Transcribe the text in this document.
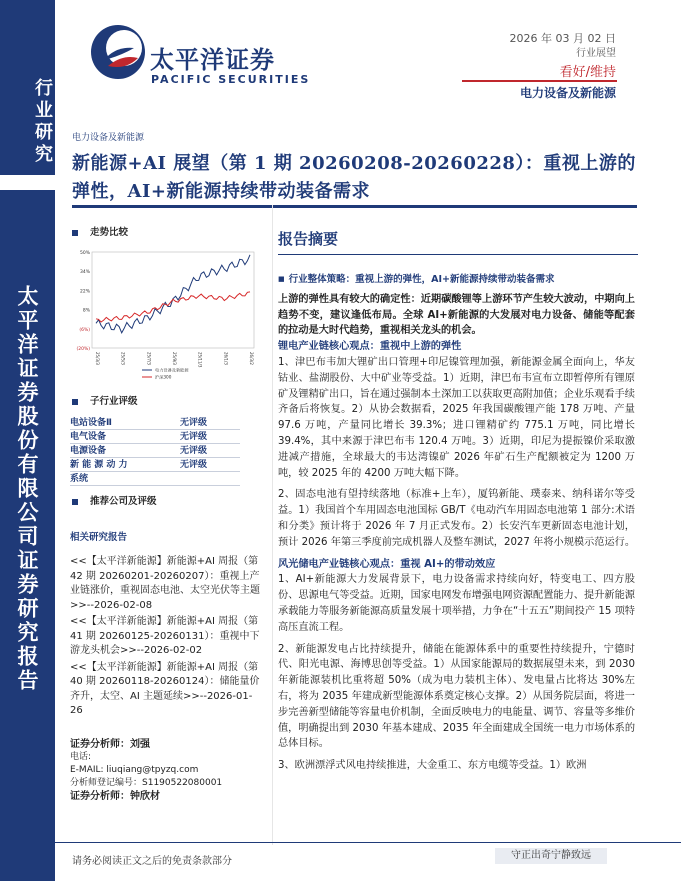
行业研究
太平洋证券股份有限公司证券研究报告
太平洋证券
PACIFIC SECURITIES
2026 年 03 月 02 日
行业展望
看好/维持
电力设备及新能源
电力设备及新能源
新能源+AI 展望（第 1 期 20260208-20260228）：重视上游的弹性，AI+新能源持续带动装备需求
走势比较
50%
34%
22%
8%
(6%)
(20%)
25/3/3	25/5/3	25/7/3	25/9/3	25/11/3	26/1/3	26/3/2
电力设备及新能源
沪深300
子行业评级
电站设备Ⅱ	无评级
电气设备	无评级
电源设备	无评级
新 能 源 动 力	无评级
系统
推荐公司及评级
相关研究报告
<<【太平洋新能源】新能源+AI 周报（第 42 期 20260201-20260207）：重视上产业链涨价，重视固态电池、太空光伏等主题>>--2026-02-08
<<【太平洋新能源】新能源+AI 周报（第 41 期 20260125-20260131）：重视中下游龙头机会>>--2026-02-02
<<【太平洋新能源】新能源+AI 周报（第 40 期 20260118-20260124）：储能量价齐升，太空、AI 主题延续>>--2026-01-26
证券分析师：刘强
电话:
E-MAIL: liuqiang@tpyzq.com
分析师登记编号：S1190522080001
证券分析师：钟欣材
报告摘要
■ 行业整体策略：重视上游的弹性，AI+新能源持续带动装备需求
上游的弹性具有较大的确定性：近期碳酸锂等上游环节产生较大波动，中期向上趋势不变，建议逢低布局。全球 AI+新能源的大发展对电力设备、储能等配套的拉动是大时代趋势，重视相关龙头的机会。
锂电产业链核心观点：重视中上游的弹性
1、津巴布韦加大锂矿出口管理+印尼镍管理加强，新能源金属全面向上，华友钴业、盐湖股份、大中矿业等受益。1）近期，津巴布韦宣布立即暂停所有锂原矿及锂精矿出口，旨在通过强制本土深加工以获取更高附加值；企业乐观看手续齐备后将恢复。2）从协会数据看，2025 年我国碳酸锂产能 178 万吨、产量 97.6 万吨，产量同比增长 39.3%；进口锂精矿约 775.1 万吨，同比增长 39.4%，其中来源于津巴布韦 120.4 万吨。3）近期，印尼为提振镍价采取激进减产措施，全球最大的韦达湾镍矿 2026 年矿石生产配额被定为 1200 万吨，较 2025 年的 4200 万吨大幅下降。
2、固态电池有望持续落地（标准+上车），厦钨新能、璞泰来、纳科诺尔等受益。1）我国首个车用固态电池国标 GB/T《电动汽车用固态电池第 1 部分:术语和分类》预计将于 2026 年 7 月正式发布。2）长安汽车更新固态电池计划，预计 2026 年第三季度前完成机器人及整车测试，2027 年将小规模示范运行。
风光储电产业链核心观点：重视 AI+的带动效应
1、AI+新能源大力发展背景下，电力设备需求持续向好，特变电工、四方股份、思源电气等受益。近期，国家电网发布增强电网资源配置能力、提升新能源承载能力等服务新能源高质量发展十项举措，力争在“十五五”期间投产 15 项特高压直流工程。
2、新能源发电占比持续提升，储能在能源体系中的重要性持续提升，宁德时代、阳光电源、海博思创等受益。1）从国家能源局的数据展望未来，到 2030 年新能源装机比重将超 50%（成为电力装机主体）、发电量占比将达 30%左右，将为 2035 年建成新型能源体系奠定核心支撑。2）从国务院层面，将进一步完善新型储能等容量电价机制，全面反映电力的电能量、调节、容量等多维价值，明确提出到 2030 年基本建成、2035 年全面建成全国统一电力市场体系的总体目标。
3、欧洲漂浮式风电持续推进，大金重工、东方电缆等受益。1）欧洲
请务必阅读正文之后的免责条款部分
守正出奇宁静致远
